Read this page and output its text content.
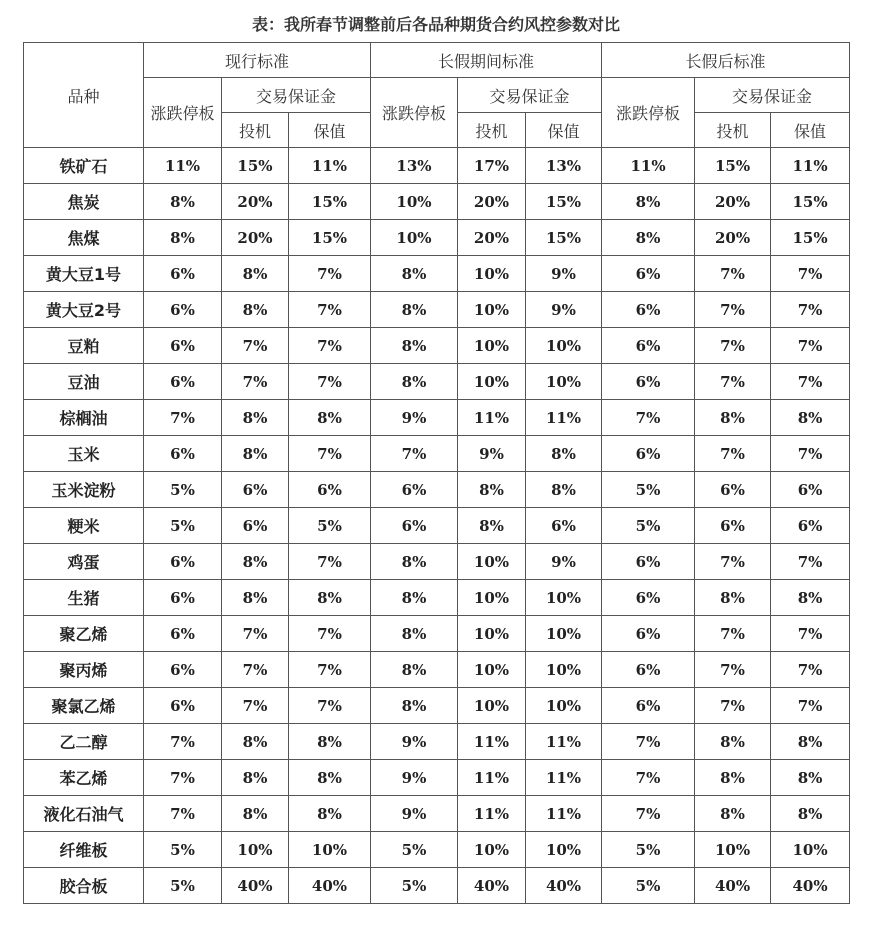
表：我所春节调整前后各品种期货合约风控参数对比
品种	现行标准			长假期间标准			长假后标准		
	涨跌停板	交易保证金		涨跌停板	交易保证金		涨跌停板	交易保证金	
		投机	保值		投机	保值		投机	保值
铁矿石	11%	15%	11%	13%	17%	13%	11%	15%	11%
焦炭	8%	20%	15%	10%	20%	15%	8%	20%	15%
焦煤	8%	20%	15%	10%	20%	15%	8%	20%	15%
黄大豆1号	6%	8%	7%	8%	10%	9%	6%	7%	7%
黄大豆2号	6%	8%	7%	8%	10%	9%	6%	7%	7%
豆粕	6%	7%	7%	8%	10%	10%	6%	7%	7%
豆油	6%	7%	7%	8%	10%	10%	6%	7%	7%
棕榈油	7%	8%	8%	9%	11%	11%	7%	8%	8%
玉米	6%	8%	7%	7%	9%	8%	6%	7%	7%
玉米淀粉	5%	6%	6%	6%	8%	8%	5%	6%	6%
粳米	5%	6%	5%	6%	8%	6%	5%	6%	6%
鸡蛋	6%	8%	7%	8%	10%	9%	6%	7%	7%
生猪	6%	8%	8%	8%	10%	10%	6%	8%	8%
聚乙烯	6%	7%	7%	8%	10%	10%	6%	7%	7%
聚丙烯	6%	7%	7%	8%	10%	10%	6%	7%	7%
聚氯乙烯	6%	7%	7%	8%	10%	10%	6%	7%	7%
乙二醇	7%	8%	8%	9%	11%	11%	7%	8%	8%
苯乙烯	7%	8%	8%	9%	11%	11%	7%	8%	8%
液化石油气	7%	8%	8%	9%	11%	11%	7%	8%	8%
纤维板	5%	10%	10%	5%	10%	10%	5%	10%	10%
胶合板	5%	40%	40%	5%	40%	40%	5%	40%	40%
